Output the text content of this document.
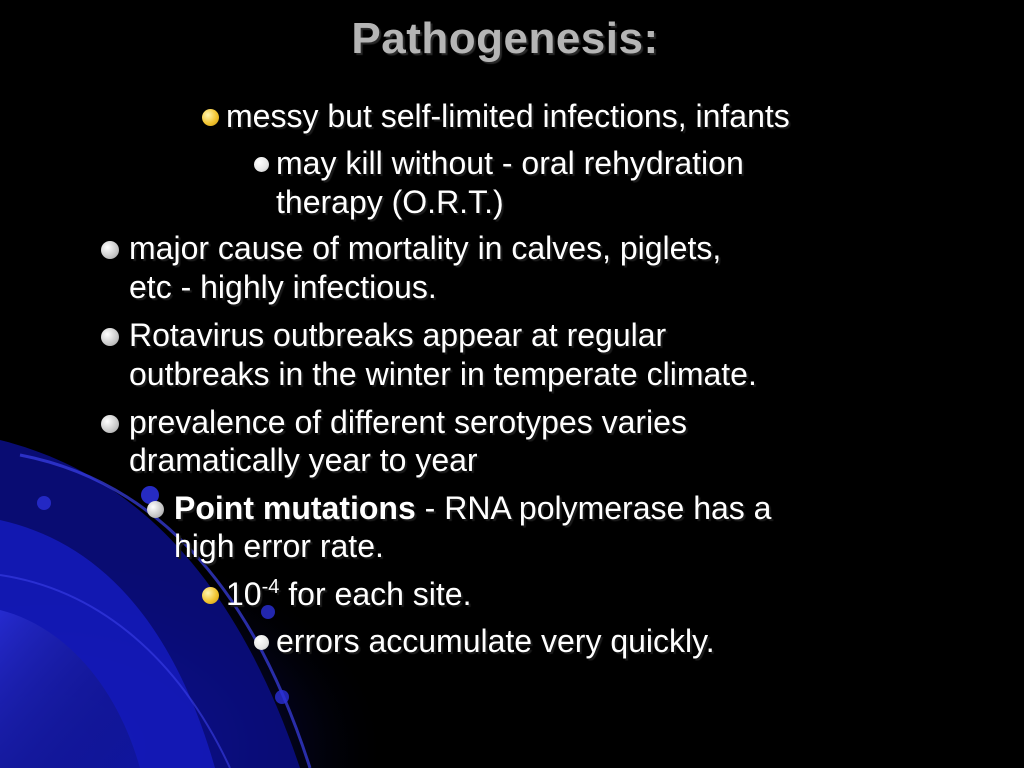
Pathogenesis:
messy but self-limited infections, infants
may kill without - oral rehydration
therapy (O.R.T.)
major cause of mortality in calves, piglets,
etc - highly infectious.
Rotavirus outbreaks appear at regular
outbreaks in the winter in temperate climate.
prevalence of different serotypes varies
dramatically year to year
Point mutations - RNA polymerase has a
high error rate.
$10^{-4}$ for each site.
errors accumulate very quickly.
